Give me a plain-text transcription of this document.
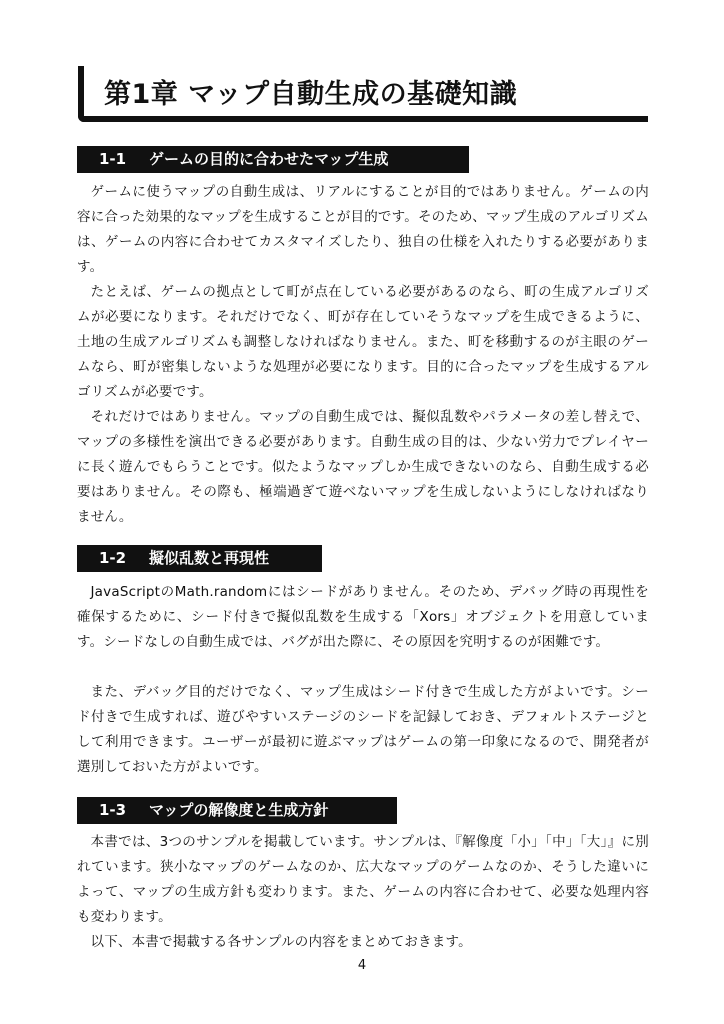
第1章 マップ自動生成の基礎知識
1-1 ゲームの目的に合わせたマップ生成

ゲームに使うマップの自動生成は、リアルにすることが目的ではありません。ゲームの内容に合った効果的なマップを生成することが目的です。そのため、マップ生成のアルゴリズムは、ゲームの内容に合わせてカスタマイズしたり、独自の仕様を入れたりする必要があります。

たとえば、ゲームの拠点として町が点在している必要があるのなら、町の生成アルゴリズムが必要になります。それだけでなく、町が存在していそうなマップを生成できるように、土地の生成アルゴリズムも調整しなければなりません。また、町を移動するのが主眼のゲームなら、町が密集しないような処理が必要になります。目的に合ったマップを生成するアルゴリズムが必要です。

それだけではありません。マップの自動生成では、擬似乱数やパラメータの差し替えで、マップの多様性を演出できる必要があります。自動生成の目的は、少ない労力でプレイヤーに長く遊んでもらうことです。似たようなマップしか生成できないのなら、自動生成する必要はありません。その際も、極端過ぎて遊べないマップを生成しないようにしなければなりません。

1-2 擬似乱数と再現性

JavaScriptのMath.randomにはシードがありません。そのため、デバッグ時の再現性を確保するために、シード付きで擬似乱数を生成する「Xors」オブジェクトを用意しています。シードなしの自動生成では、バグが出た際に、その原因を究明するのが困難です。

また、デバッグ目的だけでなく、マップ生成はシード付きで生成した方がよいです。シード付きで生成すれば、遊びやすいステージのシードを記録しておき、デフォルトステージとして利用できます。ユーザーが最初に遊ぶマップはゲームの第一印象になるので、開発者が選別しておいた方がよいです。

1-3 マップの解像度と生成方針

本書では、3つのサンプルを掲載しています。サンプルは、『解像度「小」「中」「大」』に別れています。狭小なマップのゲームなのか、広大なマップのゲームなのか、そうした違いによって、マップの生成方針も変わります。また、ゲームの内容に合わせて、必要な処理内容も変わります。

以下、本書で掲載する各サンプルの内容をまとめておきます。

4
